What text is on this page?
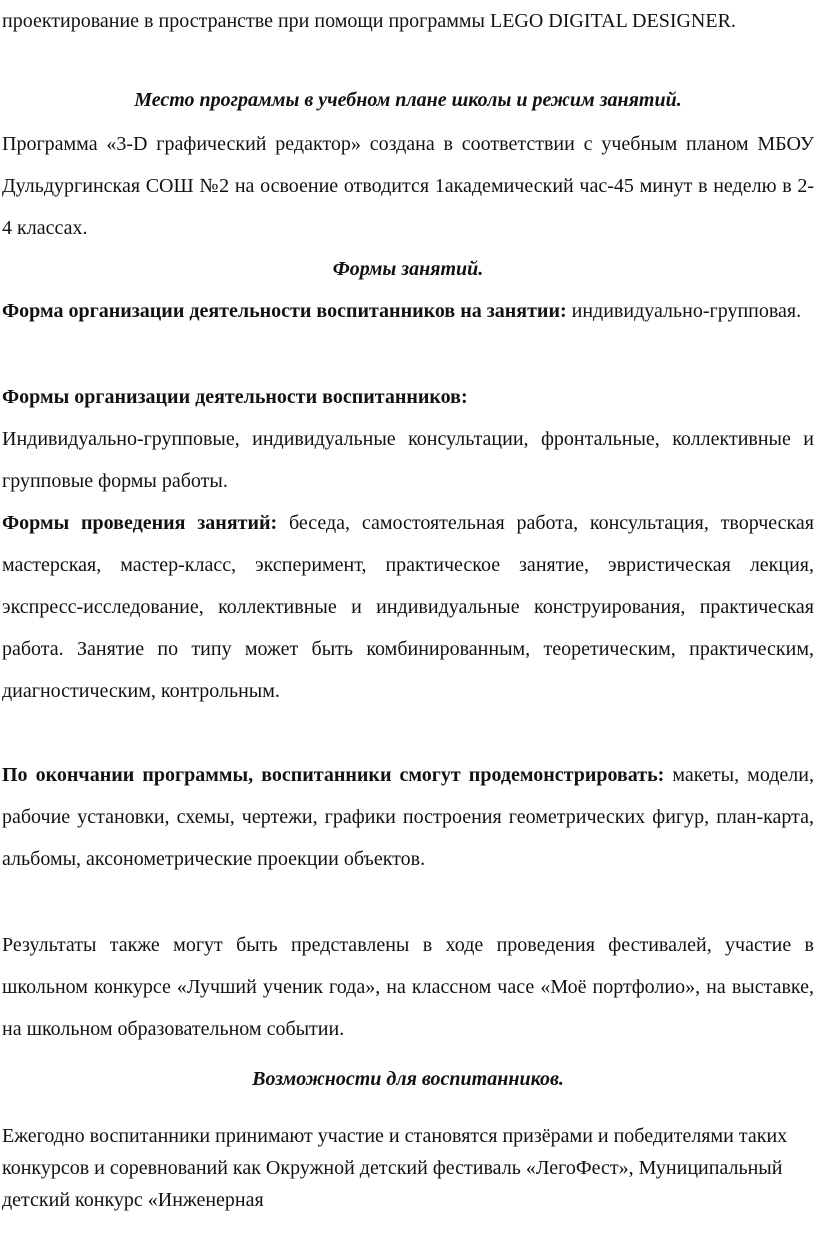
проектирование в пространстве при помощи программы LEGO DIGITAL DESIGNER.

Место программы в учебном плане школы и режим занятий.

Программа «3-D графический редактор» создана в соответствии с учебным планом МБОУ Дульдургинская СОШ №2 на освоение отводится 1академический час-45 минут в неделю в 2-4 классах.

Формы занятий.

Форма организации деятельности воспитанников на занятии: индивидуально-групповая.

Формы организации деятельности воспитанников:

Индивидуально-групповые, индивидуальные консультации, фронтальные, коллективные и групповые формы работы.

Формы проведения занятий: беседа, самостоятельная работа, консультация, творческая мастерская, мастер-класс, эксперимент, практическое занятие, эвристическая лекция, экспресс-исследование, коллективные и индивидуальные конструирования, практическая работа. Занятие по типу может быть комбинированным, теоретическим, практическим, диагностическим, контрольным.

По окончании программы, воспитанники смогут продемонстрировать: макеты, модели, рабочие установки, схемы, чертежи, графики построения геометрических фигур, план-карта, альбомы, аксонометрические проекции объектов.

Результаты также могут быть представлены в ходе проведения фестивалей, участие в школьном конкурсе «Лучший ученик года», на классном часе «Моё портфолио», на выставке, на школьном образовательном событии.

Возможности для воспитанников.

Ежегодно воспитанники принимают участие и становятся призёрами и победителями таких конкурсов и соревнований как Окружной детский фестиваль «ЛегоФест», Муниципальный детский конкурс «Инженерная
